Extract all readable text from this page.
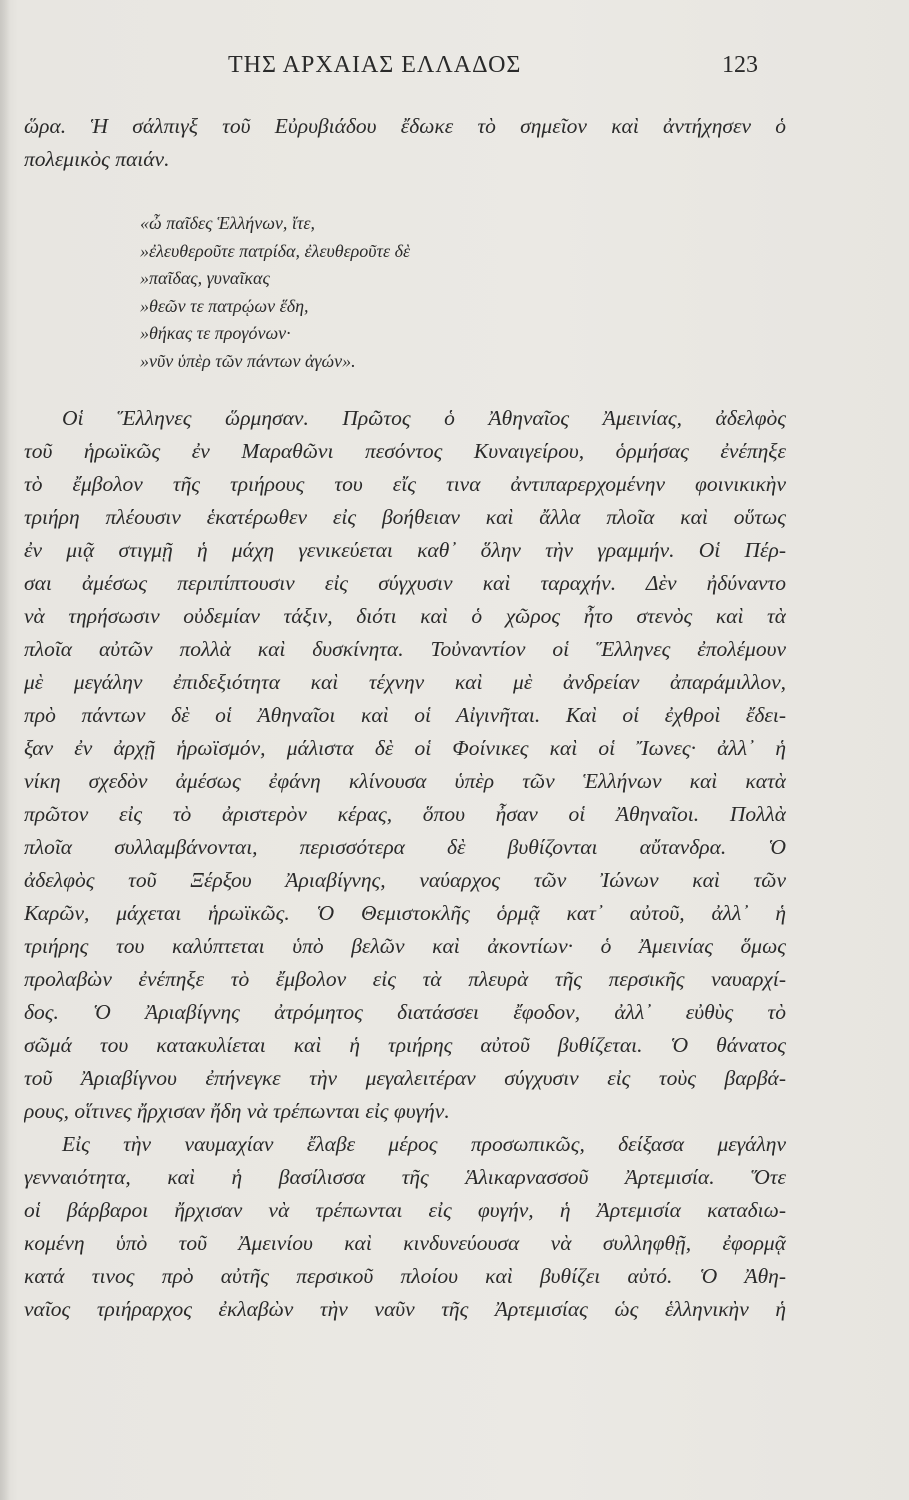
ΤΗΣ ΑΡΧΑΙΑΣ ΕΛΛΑΔΟΣ	123
ὥρα. Ἡ σάλπιγξ τοῦ Εὐρυβιάδου ἔδωκε τὸ σημεῖον καὶ ἀντήχησεν ὁ
πολεμικὸς παιάν.
«ὦ παῖδες Ἑλλήνων, ἴτε,
»ἐλευθεροῦτε πατρίδα, ἐλευθεροῦτε δὲ
»παῖδας, γυναῖκας
»θεῶν τε πατρῴων ἕδη,
»θήκας τε προγόνων·
»νῦν ὑπὲρ τῶν πάντων ἀγών».
Οἱ Ἕλληνες ὥρμησαν. Πρῶτος ὁ Ἀθηναῖος Ἀμεινίας, ἀδελφὸς
τοῦ ἡρωϊκῶς ἐν Μαραθῶνι πεσόντος Κυναιγείρου, ὁρμήσας ἐνέπηξε
τὸ ἔμβολον τῆς τριήρους του εἴς τινα ἀντιπαρερχομένην φοινικικὴν
τριήρη πλέουσιν ἑκατέρωθεν εἰς βοήθειαν καὶ ἄλλα πλοῖα καὶ οὕτως
ἐν μιᾷ στιγμῇ ἡ μάχη γενικεύεται καθ᾽ ὅλην τὴν γραμμήν. Οἱ Πέρ-
σαι ἀμέσως περιπίπτουσιν εἰς σύγχυσιν καὶ ταραχήν. Δὲν ἠδύναντο
νὰ τηρήσωσιν οὐδεμίαν τάξιν, διότι καὶ ὁ χῶρος ἦτο στενὸς καὶ τὰ
πλοῖα αὐτῶν πολλὰ καὶ δυσκίνητα. Τοὐναντίον οἱ Ἕλληνες ἐπολέμουν
μὲ μεγάλην ἐπιδεξιότητα καὶ τέχνην καὶ μὲ ἀνδρείαν ἀπαράμιλλον,
πρὸ πάντων δὲ οἱ Ἀθηναῖοι καὶ οἱ Αἰγινῆται. Καὶ οἱ ἐχθροὶ ἔδει-
ξαν ἐν ἀρχῇ ἡρωϊσμόν, μάλιστα δὲ οἱ Φοίνικες καὶ οἱ Ἴωνες· ἀλλ᾽ ἡ
νίκη σχεδὸν ἀμέσως ἐφάνη κλίνουσα ὑπὲρ τῶν Ἑλλήνων καὶ κατὰ
πρῶτον εἰς τὸ ἀριστερὸν κέρας, ὅπου ἦσαν οἱ Ἀθηναῖοι. Πολλὰ
πλοῖα συλλαμβάνονται, περισσότερα δὲ βυθίζονται αὔτανδρα. Ὁ
ἀδελφὸς τοῦ Ξέρξου Ἀριαβίγνης, ναύαρχος τῶν Ἰώνων καὶ τῶν
Καρῶν, μάχεται ἡρωϊκῶς. Ὁ Θεμιστοκλῆς ὁρμᾷ κατ᾽ αὐτοῦ, ἀλλ᾽ ἡ
τριήρης του καλύπτεται ὑπὸ βελῶν καὶ ἀκοντίων· ὁ Ἀμεινίας ὅμως
προλαβὼν ἐνέπηξε τὸ ἔμβολον εἰς τὰ πλευρὰ τῆς περσικῆς ναυαρχί-
δος. Ὁ Ἀριαβίγνης ἀτρόμητος διατάσσει ἔφοδον, ἀλλ᾽ εὐθὺς τὸ
σῶμά του κατακυλίεται καὶ ἡ τριήρης αὐτοῦ βυθίζεται. Ὁ θάνατος
τοῦ Ἀριαβίγνου ἐπήνεγκε τὴν μεγαλειτέραν σύγχυσιν εἰς τοὺς βαρβά-
ρους, οἵτινες ἤρχισαν ἤδη νὰ τρέπωνται εἰς φυγήν.
Εἰς τὴν ναυμαχίαν ἔλαβε μέρος προσωπικῶς, δείξασα μεγάλην
γενναιότητα, καὶ ἡ βασίλισσα τῆς Ἁλικαρνασσοῦ Ἀρτεμισία. Ὅτε
οἱ βάρβαροι ἤρχισαν νὰ τρέπωνται εἰς φυγήν, ἡ Ἀρτεμισία καταδιω-
κομένη ὑπὸ τοῦ Ἀμεινίου καὶ κινδυνεύουσα νὰ συλληφθῇ, ἐφορμᾷ
κατά τινος πρὸ αὐτῆς περσικοῦ πλοίου καὶ βυθίζει αὐτό. Ὁ Ἀθη-
ναῖος τριήραρχος ἐκλαβὼν τὴν ναῦν τῆς Ἀρτεμισίας ὡς ἑλληνικὴν ἡ
